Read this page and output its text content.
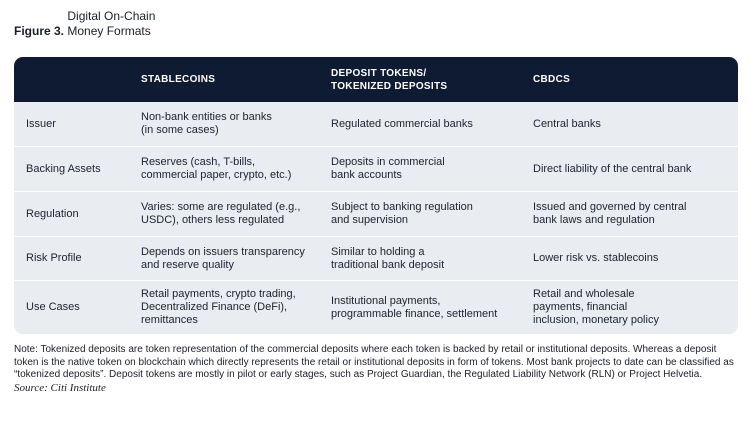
Figure 3. Digital On-Chain Money Formats
STABLECOINS
DEPOSIT TOKENS/
TOKENIZED DEPOSITS
CBDCS
Issuer
Non-bank entities or banks
(in some cases)
Regulated commercial banks	Central banks
Backing Assets
Reserves (cash, T-bills,
commercial paper, crypto, etc.)
Deposits in commercial
bank accounts
Direct liability of the central bank
Regulation
Varies: some are regulated (e.g.,
USDC), others less regulated
Subject to banking regulation
and supervision
Issued and governed by central
bank laws and regulation
Risk Profile
Depends on issuers transparency
and reserve quality
Similar to holding a
traditional bank deposit
Lower risk vs. stablecoins
Use Cases
Retail payments, crypto trading,
Decentralized Finance (DeFi),
remittances
Institutional payments,
programmable finance, settlement
Retail and wholesale
payments, financial
inclusion, monetary policy
Note: Tokenized deposits are token representation of the commercial deposits where each token is backed by retail or institutional deposits. Whereas a deposit token is the native token on blockchain which directly represents the retail or institutional deposits in form of tokens. Most bank projects to date can be classified as “tokenized deposits”. Deposit tokens are mostly in pilot or early stages, such as Project Guardian, the Regulated Liability Network (RLN) or Project Helvetia.
Source: Citi Institute
